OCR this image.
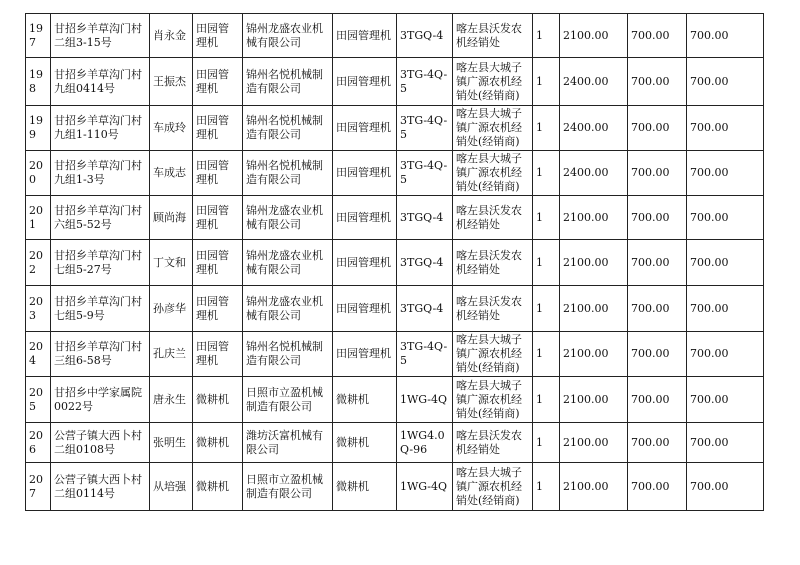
197	甘招乡羊草沟门村二组3-15号	肖永金	田园管理机	锦州龙盛农业机械有限公司	田园管理机	3TGQ-4	喀左县沃发农机经销处	1	2100.00	700.00	700.00
198	甘招乡羊草沟门村九组0414号	王振杰	田园管理机	锦州名悦机械制造有限公司	田园管理机	3TG-4Q-5	喀左县大城子镇广源农机经销处(经销商)	1	2400.00	700.00	700.00
199	甘招乡羊草沟门村九组1-110号	车成玲	田园管理机	锦州名悦机械制造有限公司	田园管理机	3TG-4Q-5	喀左县大城子镇广源农机经销处(经销商)	1	2400.00	700.00	700.00
200	甘招乡羊草沟门村九组1-3号	车成志	田园管理机	锦州名悦机械制造有限公司	田园管理机	3TG-4Q-5	喀左县大城子镇广源农机经销处(经销商)	1	2400.00	700.00	700.00
201	甘招乡羊草沟门村六组5-52号	顾尚海	田园管理机	锦州龙盛农业机械有限公司	田园管理机	3TGQ-4	喀左县沃发农机经销处	1	2100.00	700.00	700.00
202	甘招乡羊草沟门村七组5-27号	丁文和	田园管理机	锦州龙盛农业机械有限公司	田园管理机	3TGQ-4	喀左县沃发农机经销处	1	2100.00	700.00	700.00
203	甘招乡羊草沟门村七组5-9号	孙彦华	田园管理机	锦州龙盛农业机械有限公司	田园管理机	3TGQ-4	喀左县沃发农机经销处	1	2100.00	700.00	700.00
204	甘招乡羊草沟门村三组6-58号	孔庆兰	田园管理机	锦州名悦机械制造有限公司	田园管理机	3TG-4Q-5	喀左县大城子镇广源农机经销处(经销商)	1	2100.00	700.00	700.00
205	甘招乡中学家属院0022号	唐永生	微耕机	日照市立盈机械制造有限公司	微耕机	1WG-4Q	喀左县大城子镇广源农机经销处(经销商)	1	2100.00	700.00	700.00
206	公营子镇大西卜村二组0108号	张明生	微耕机	潍坊沃富机械有限公司	微耕机	1WG4.0Q-96	喀左县沃发农机经销处	1	2100.00	700.00	700.00
207	公营子镇大西卜村二组0114号	从培强	微耕机	日照市立盈机械制造有限公司	微耕机	1WG-4Q	喀左县大城子镇广源农机经销处(经销商)	1	2100.00	700.00	700.00
